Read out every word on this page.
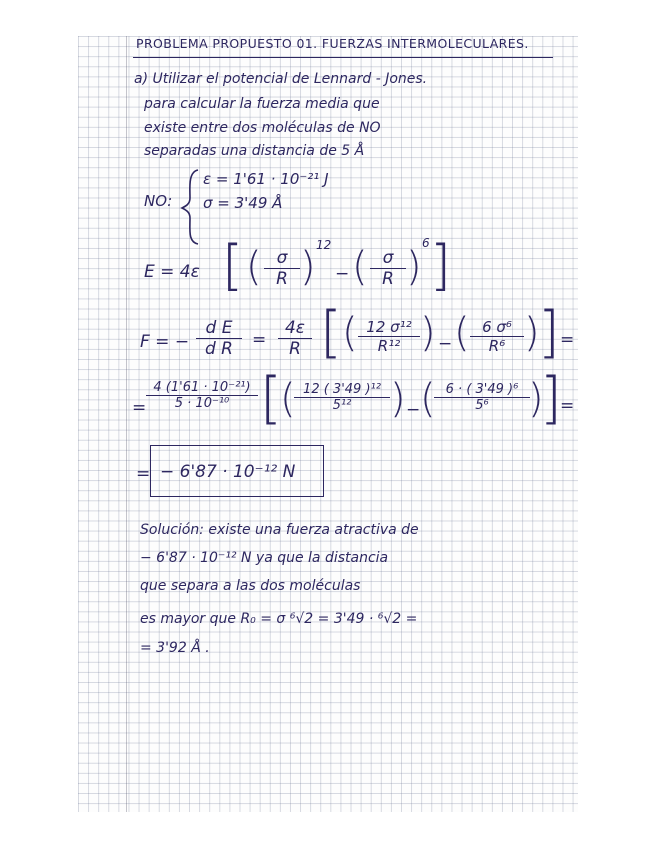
PROBLEMA PROPUESTO 01. FUERZAS INTERMOLECULARES.
a) Utilizar el potencial de Lennard - Jones.
para calcular la fuerza media que
existe entre dos moléculas de NO
separadas una distancia de 5 Å
NO:
ε = 1'61 · 10⁻²¹ J
σ = 3'49 Å
E = 4ε [ ( $\frac{\sigma}{R}$ ) 12
− ( $\frac{\sigma}{R}$ )
6 ]
F = − $\frac{\text{d E}}{\text{d R}} = \frac{4\varepsilon}{R}$ [ ( $\frac{\text{12 σ¹²}}{\text{R¹²}}$ ) − ( $\frac{\text{6 σ⁶}}{\text{R⁶}}$ )
] =
= $\frac{\text{4 (1'61 · 10⁻²¹)}}{\text{5 · 10⁻¹⁰}}$ [
(
$\frac{\text{12 ( 3'49 )¹²}}{\text{5¹²}}$ ) − (
$\frac{\text{6 · ( 3'49 )⁶}}{\text{5⁶}}$
)
]
=
= − 6'87 · 10⁻¹² N
Solución: existe una fuerza atractiva de
− 6'87 · 10⁻¹² N ya que la distancia
que separa a las dos moléculas
es mayor que R₀ = σ ⁶√2 = 3'49 · ⁶√2 =
= 3'92 Å .
